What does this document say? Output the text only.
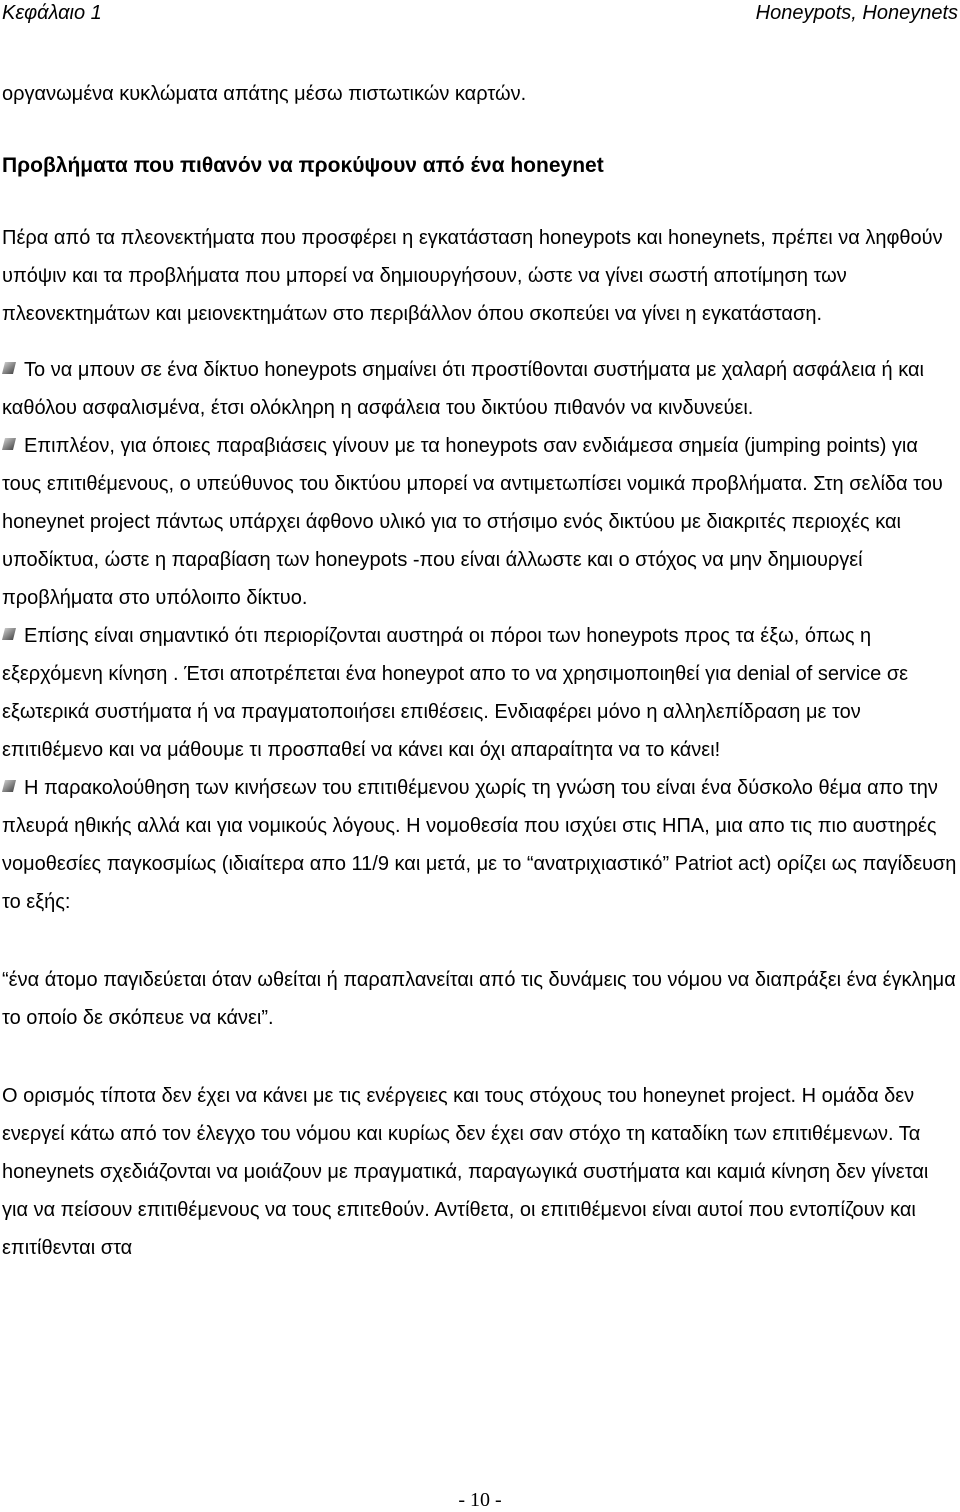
Κεφάλαιο 1	Honeypots, Honeynets

οργανωμένα κυκλώματα απάτης μέσω πιστωτικών καρτών.

Προβλήματα που πιθανόν να προκύψουν από ένα honeynet

Πέρα από τα πλεονεκτήματα που προσφέρει η εγκατάσταση honeypots και honeynets, πρέπει να ληφθούν υπόψιν και τα προβλήματα που μπορεί να δημιουργήσουν, ώστε να γίνει σωστή αποτίμηση των πλεονεκτημάτων και μειονεκτημάτων στο περιβάλλον όπου σκοπεύει να γίνει η εγκατάσταση.

Το να μπουν σε ένα δίκτυο honeypots σημαίνει ότι προστίθονται συστήματα με χαλαρή ασφάλεια ή και καθόλου ασφαλισμένα, έτσι ολόκληρη η ασφάλεια του δικτύου πιθανόν να κινδυνεύει.
Επιπλέον, για όποιες παραβιάσεις γίνουν με τα honeypots σαν ενδιάμεσα σημεία (jumping points) για τους επιτιθέμενους, ο υπεύθυνος του δικτύου μπορεί να αντιμετωπίσει νομικά προβλήματα. Στη σελίδα του honeynet project πάντως υπάρχει άφθονο υλικό για το στήσιμο ενός δικτύου με διακριτές περιοχές και υποδίκτυα, ώστε η παραβίαση των honeypots -που είναι άλλωστε και ο στόχος να μην δημιουργεί προβλήματα στο υπόλοιπο δίκτυο.
Επίσης είναι σημαντικό ότι περιορίζονται αυστηρά οι πόροι των honeypots προς τα έξω, όπως η εξερχόμενη κίνηση . Έτσι αποτρέπεται ένα honeypot απο το να χρησιμοποιηθεί για denial of service σε εξωτερικά συστήματα ή να πραγματοποιήσει επιθέσεις. Ενδιαφέρει μόνο η αλληλεπίδραση με τον επιτιθέμενο και να μάθουμε τι προσπαθεί να κάνει και όχι απαραίτητα να το κάνει!
Η παρακολούθηση των κινήσεων του επιτιθέμενου χωρίς τη γνώση του είναι ένα δύσκολο θέμα απο την πλευρά ηθικής αλλά και για νομικούς λόγους. Η νομοθεσία που ισχύει στις ΗΠΑ, μια απο τις πιο αυστηρές νομοθεσίες παγκοσμίως (ιδιαίτερα απο 11/9 και μετά, με το “ανατριχιαστικό” Patriot act) ορίζει ως παγίδευση το εξής:

“ένα άτομο παγιδεύεται όταν ωθείται ή παραπλανείται από τις δυνάμεις του νόμου να διαπράξει ένα έγκλημα το οποίο δε σκόπευε να κάνει”.

Ο ορισμός τίποτα δεν έχει να κάνει με τις ενέργειες και τους στόχους του honeynet project. Η ομάδα δεν ενεργεί κάτω από τον έλεγχο του νόμου και κυρίως δεν έχει σαν στόχο τη καταδίκη των επιτιθέμενων. Τα honeynets σχεδιάζονται να μοιάζουν με πραγματικά, παραγωγικά συστήματα και καμιά κίνηση δεν γίνεται για να πείσουν επιτιθέμενους να τους επιτεθούν. Αντίθετα, οι επιτιθέμενοι είναι αυτοί που εντοπίζουν και επιτίθενται στα

- 10 -
